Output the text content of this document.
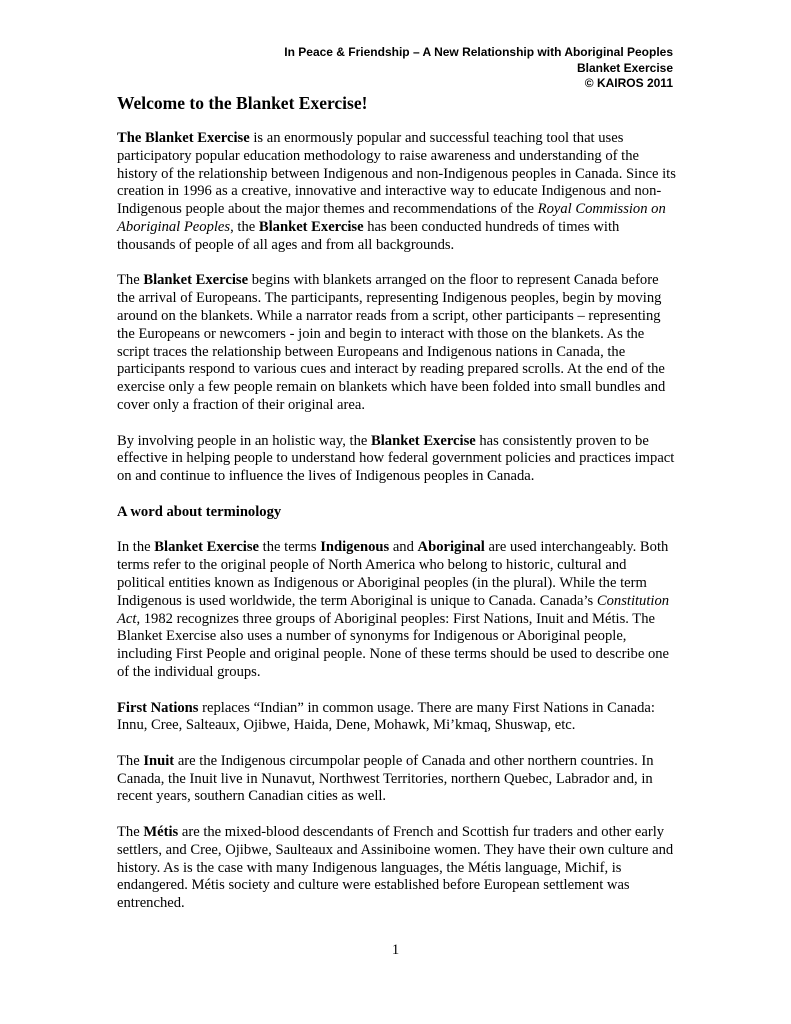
In Peace & Friendship – A New Relationship with Aboriginal Peoples
Blanket Exercise
© KAIROS 2011
Welcome to the Blanket Exercise!

The Blanket Exercise is an enormously popular and successful teaching tool that uses participatory popular education methodology to raise awareness and understanding of the history of the relationship between Indigenous and non-Indigenous peoples in Canada. Since its creation in 1996 as a creative, innovative and interactive way to educate Indigenous and non-Indigenous people about the major themes and recommendations of the Royal Commission on Aboriginal Peoples, the Blanket Exercise has been conducted hundreds of times with thousands of people of all ages and from all backgrounds.

The Blanket Exercise begins with blankets arranged on the floor to represent Canada before the arrival of Europeans. The participants, representing Indigenous peoples, begin by moving around on the blankets. While a narrator reads from a script, other participants – representing the Europeans or newcomers - join and begin to interact with those on the blankets. As the script traces the relationship between Europeans and Indigenous nations in Canada, the participants respond to various cues and interact by reading prepared scrolls. At the end of the exercise only a few people remain on blankets which have been folded into small bundles and cover only a fraction of their original area.

By involving people in an holistic way, the Blanket Exercise has consistently proven to be effective in helping people to understand how federal government policies and practices impact on and continue to influence the lives of Indigenous peoples in Canada.

A word about terminology

In the Blanket Exercise the terms Indigenous and Aboriginal are used interchangeably. Both terms refer to the original people of North America who belong to historic, cultural and political entities known as Indigenous or Aboriginal peoples (in the plural). While the term Indigenous is used worldwide, the term Aboriginal is unique to Canada. Canada’s Constitution Act, 1982 recognizes three groups of Aboriginal peoples: First Nations, Inuit and Métis. The Blanket Exercise also uses a number of synonyms for Indigenous or Aboriginal people, including First People and original people. None of these terms should be used to describe one of the individual groups.

First Nations replaces “Indian” in common usage. There are many First Nations in Canada: Innu, Cree, Salteaux, Ojibwe, Haida, Dene, Mohawk, Mi’kmaq, Shuswap, etc.

The Inuit are the Indigenous circumpolar people of Canada and other northern countries. In Canada, the Inuit live in Nunavut, Northwest Territories, northern Quebec, Labrador and, in recent years, southern Canadian cities as well.

The Métis are the mixed-blood descendants of French and Scottish fur traders and other early settlers, and Cree, Ojibwe, Saulteaux and Assiniboine women. They have their own culture and history. As is the case with many Indigenous languages, the Métis language, Michif, is endangered. Métis society and culture were established before European settlement was entrenched.

1
